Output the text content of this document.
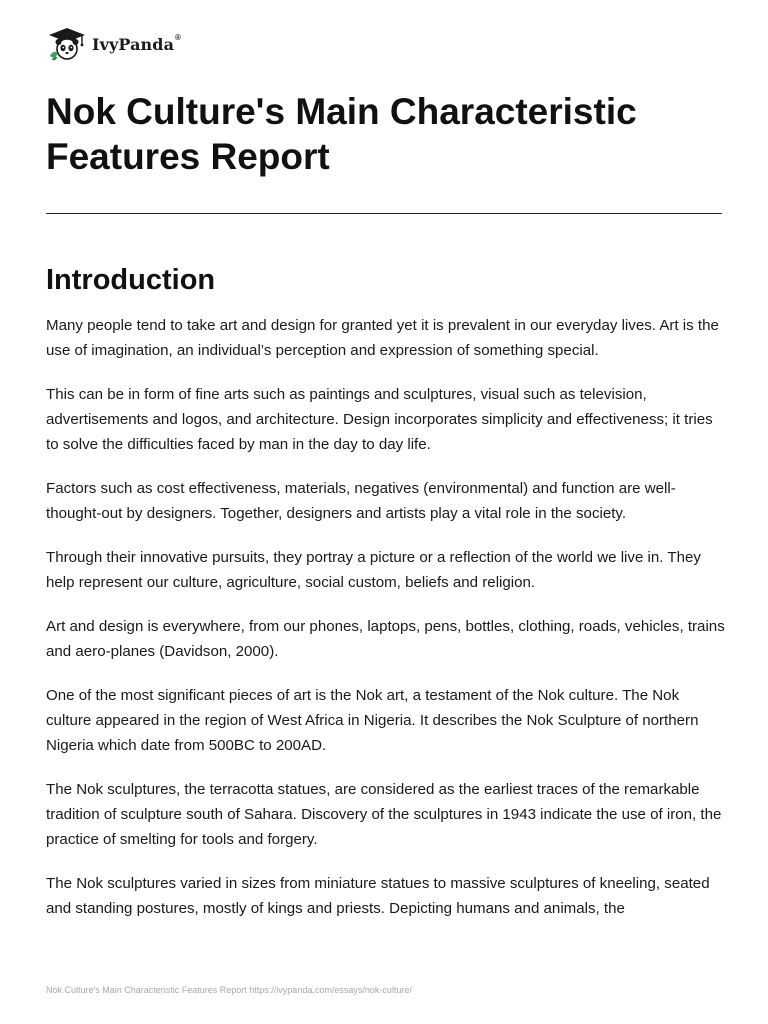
IvyPanda®
Nok Culture's Main Characteristic Features Report
Introduction

Many people tend to take art and design for granted yet it is prevalent in our everyday lives. Art is the use of imagination, an individual’s perception and expression of something special.

This can be in form of fine arts such as paintings and sculptures, visual such as television, advertisements and logos, and architecture. Design incorporates simplicity and effectiveness; it tries to solve the difficulties faced by man in the day to day life.

Factors such as cost effectiveness, materials, negatives (environmental) and function are well-thought-out by designers. Together, designers and artists play a vital role in the society.

Through their innovative pursuits, they portray a picture or a reflection of the world we live in. They help represent our culture, agriculture, social custom, beliefs and religion.

Art and design is everywhere, from our phones, laptops, pens, bottles, clothing, roads, vehicles, trains and aero-planes (Davidson, 2000).

One of the most significant pieces of art is the Nok art, a testament of the Nok culture. The Nok culture appeared in the region of West Africa in Nigeria. It describes the Nok Sculpture of northern Nigeria which date from 500BC to 200AD.

The Nok sculptures, the terracotta statues, are considered as the earliest traces of the remarkable tradition of sculpture south of Sahara. Discovery of the sculptures in 1943 indicate the use of iron, the practice of smelting for tools and forgery.

The Nok sculptures varied in sizes from miniature statues to massive sculptures of kneeling, seated and standing postures, mostly of kings and priests. Depicting humans and animals, the

Nok Culture's Main Characteristic Features Report https://ivypanda.com/essays/nok-culture/
